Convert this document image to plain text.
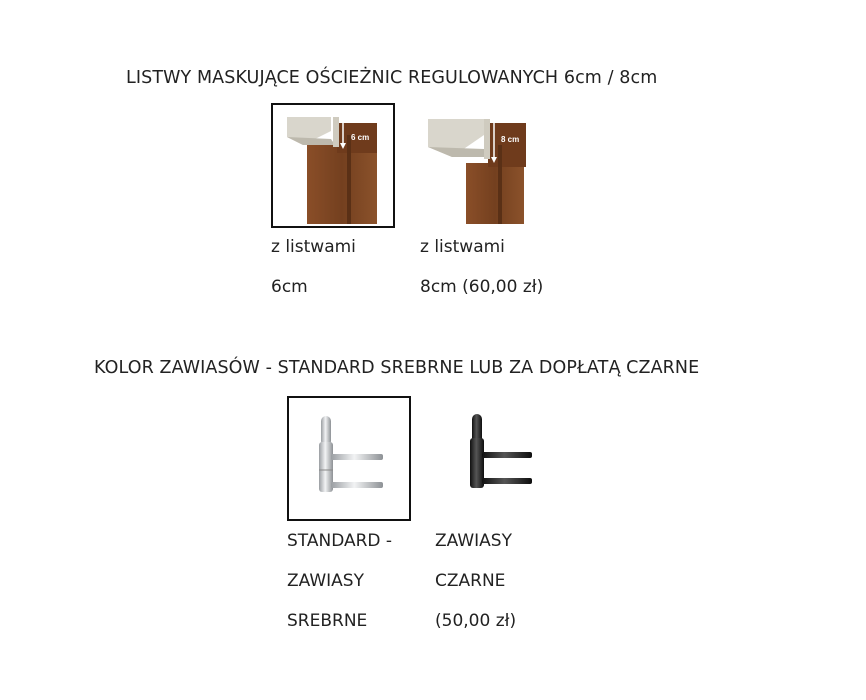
LISTWY MASKUJĄCE OŚCIEŻNIC REGULOWANYCH 6cm / 8cm
6 cm
z listwami
6cm
8 cm
z listwami
8cm (60,00 zł)
KOLOR ZAWIASÓW - STANDARD SREBRNE LUB ZA DOPŁATĄ CZARNE
STANDARD -
ZAWIASY
SREBRNE
ZAWIASY
CZARNE
(50,00 zł)
